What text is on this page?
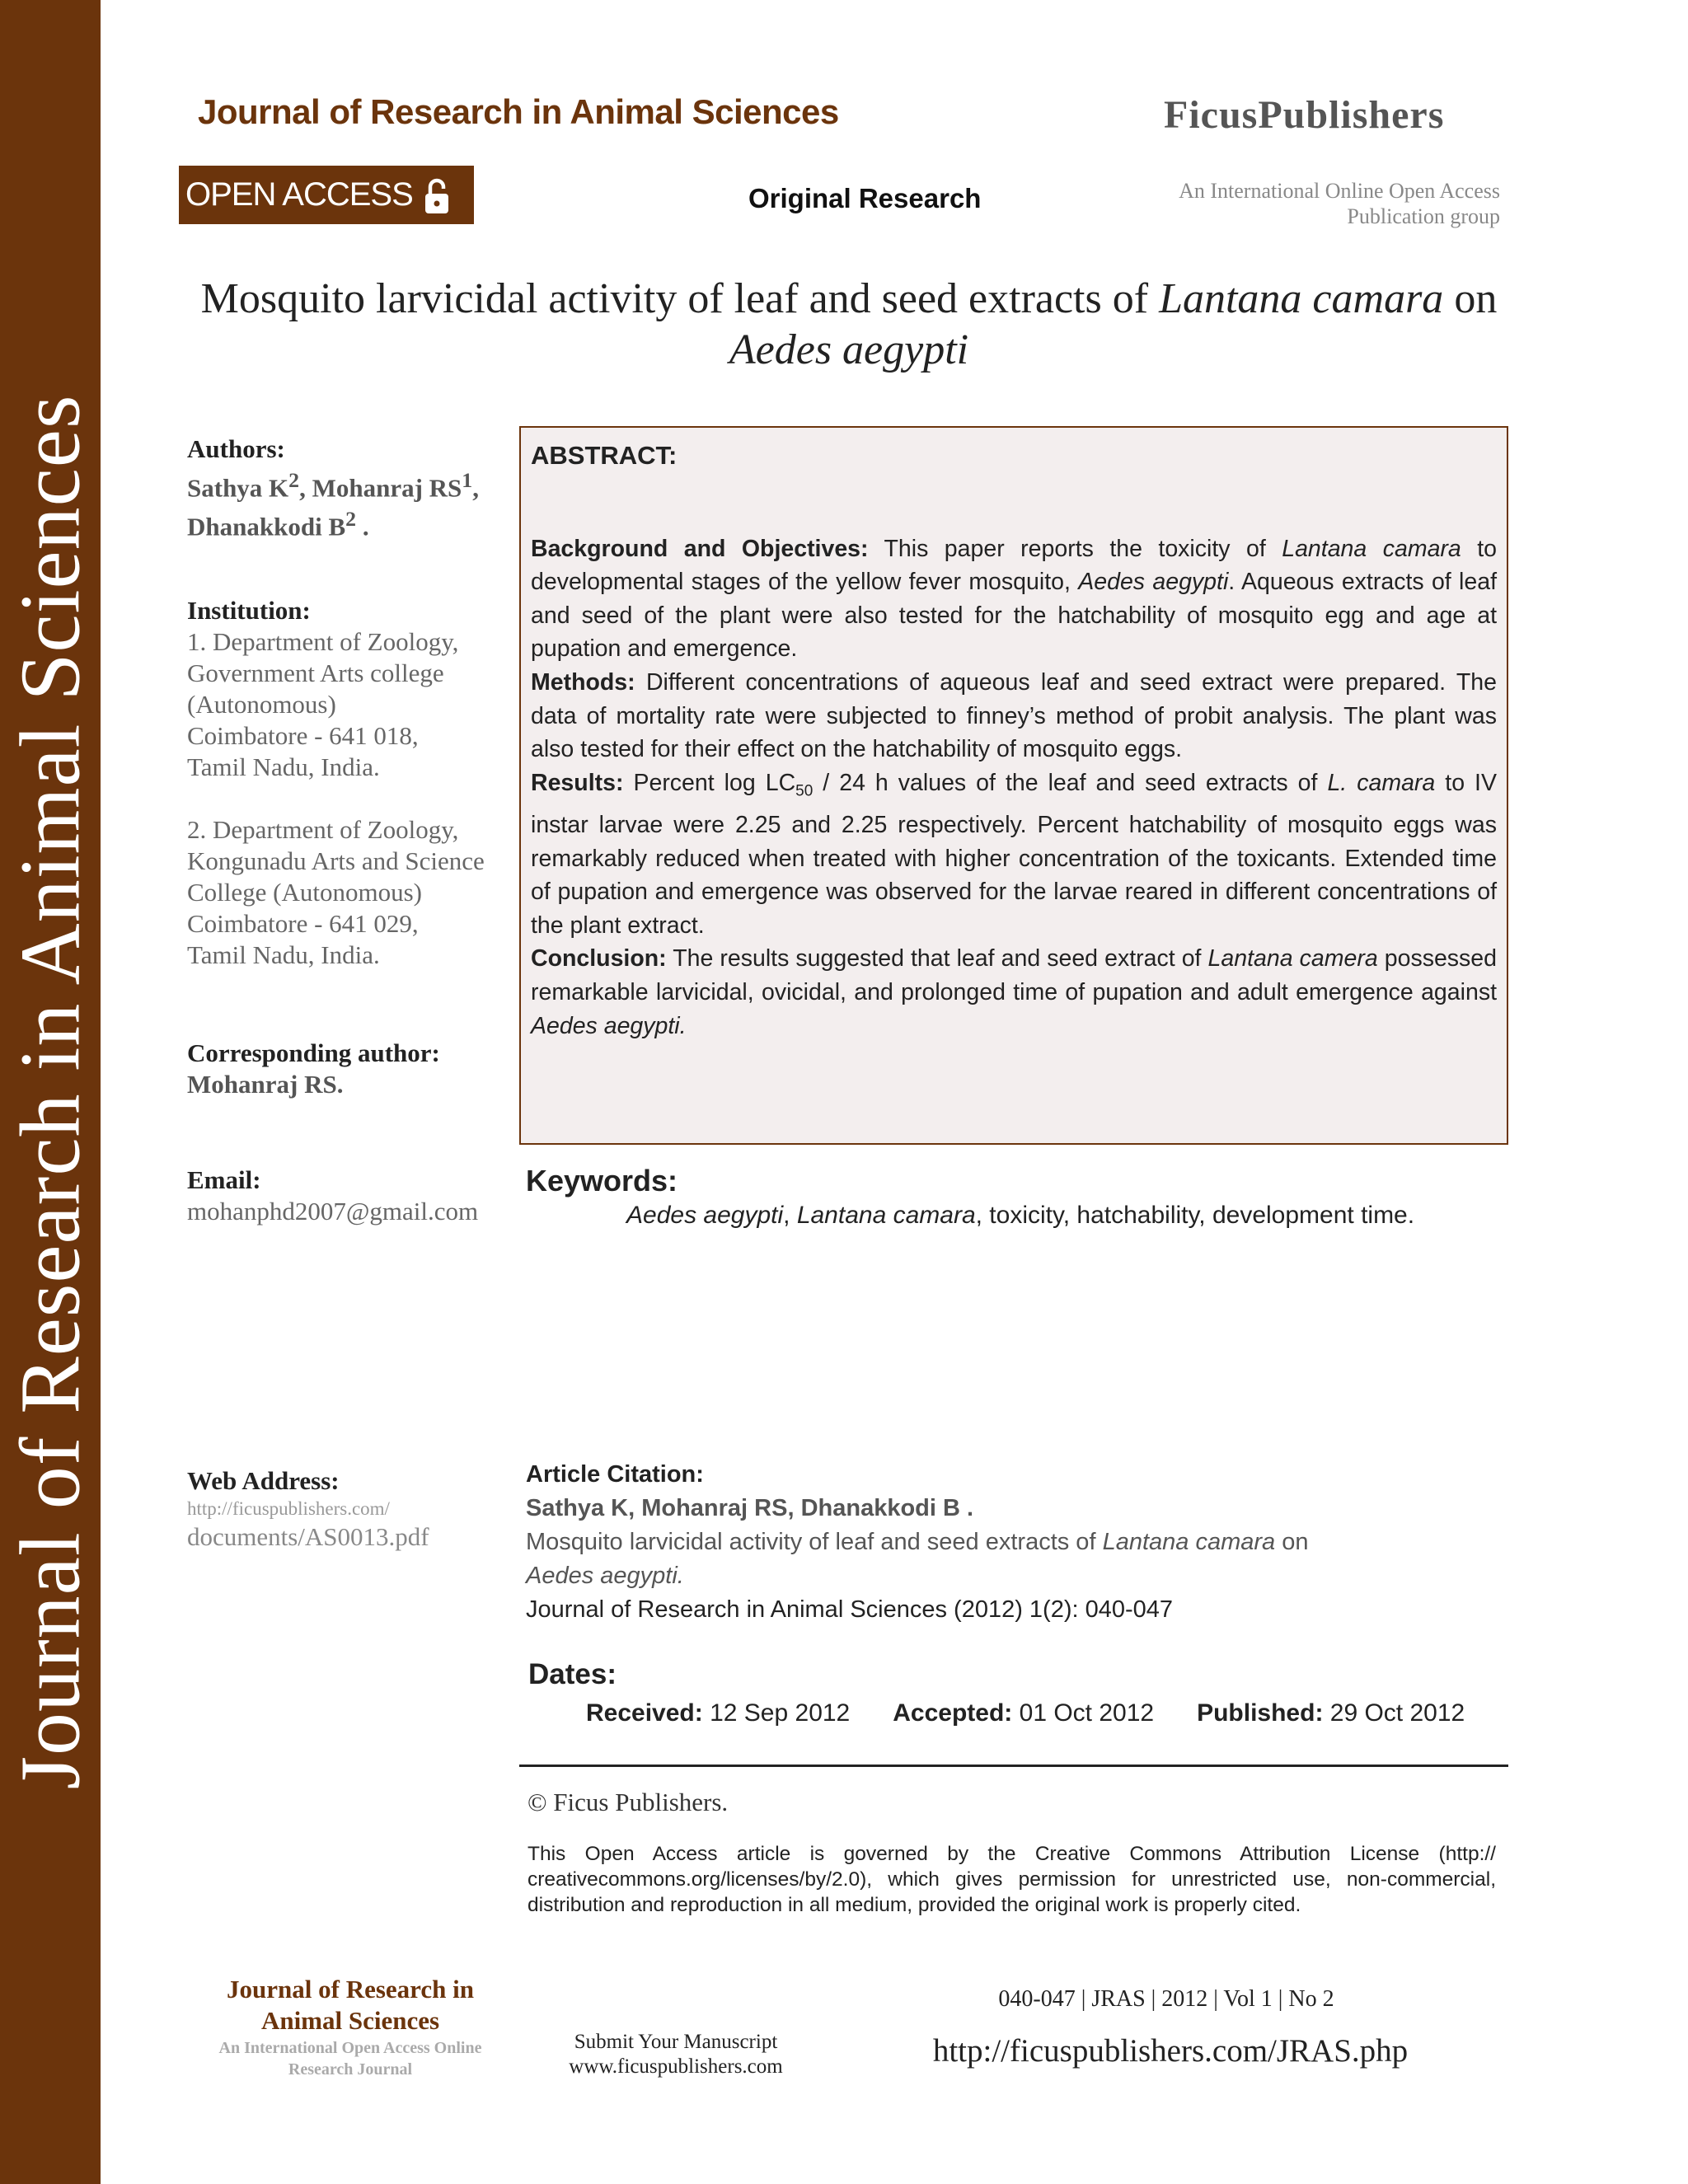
Journal of Research in Animal Sciences
Journal of Research in Animal Sciences	FicusPublishers
OPEN ACCESS	Original Research	An International Online Open Access
Publication group
Mosquito larvicidal activity of leaf and seed extracts of Lantana camara on
Aedes aegypti
Authors:
Sathya $K^2$, Mohanraj $RS^1$,
Dhanakkodi $B^2$ .
Institution:
1. Department of Zoology,
Government Arts college
(Autonomous)
Coimbatore - 641 018,
Tamil Nadu, India.
2. Department of Zoology,
Kongunadu Arts and Science
College (Autonomous)
Coimbatore - 641 029,
Tamil Nadu, India.
Corresponding author:
Mohanraj RS.
Email:
mohanphd2007@gmail.com
Web Address:
http://ficuspublishers.com/
documents/AS0013.pdf
ABSTRACT:

Background and Objectives: This paper reports the toxicity of Lantana camara to developmental stages of the yellow fever mosquito, Aedes aegypti. Aqueous extracts of leaf and seed of the plant were also tested for the hatchability of mosquito egg and age at pupation and emergence.

Methods: Different concentrations of aqueous leaf and seed extract were prepared. The data of mortality rate were subjected to finney’s method of probit analysis. The plant was also tested for their effect on the hatchability of mosquito eggs.

Results: Percent $\log LC_{50} / 24$ h values of the leaf and seed extracts of L. camara to IV instar larvae were 2.25 and 2.25 respectively. Percent hatchability of mosquito eggs was remarkably reduced when treated with higher concentration of the toxicants. Extended time of pupation and emergence was observed for the larvae reared in different concentrations of the plant extract.

Conclusion: The results suggested that leaf and seed extract of Lantana camera possessed remarkable larvicidal, ovicidal, and prolonged time of pupation and adult emergence against Aedes aegypti.

Keywords:
Aedes aegypti, Lantana camara, toxicity, hatchability, development time.
Article Citation:
Sathya K, Mohanraj RS, Dhanakkodi B .
Mosquito larvicidal activity of leaf and seed extracts of Lantana camara on
Aedes aegypti.
Journal of Research in Animal Sciences (2012) 1(2): 040-047
Dates:
Received: 12 Sep 2012 Accepted: 01 Oct 2012 Published: 29 Oct 2012
© Ficus Publishers.
This Open Access article is governed by the Creative Commons Attribution License (http:// creativecommons.org/licenses/by/2.0), which gives permission for unrestricted use, non-commercial, distribution and reproduction in all medium, provided the original work is properly cited.
Journal of Research in
Animal Sciences
An International Open Access Online
Research Journal
Submit Your Manuscript
www.ficuspublishers.com
040-047 | JRAS | 2012 | Vol 1 | No 2
http://ficuspublishers.com/JRAS.php
